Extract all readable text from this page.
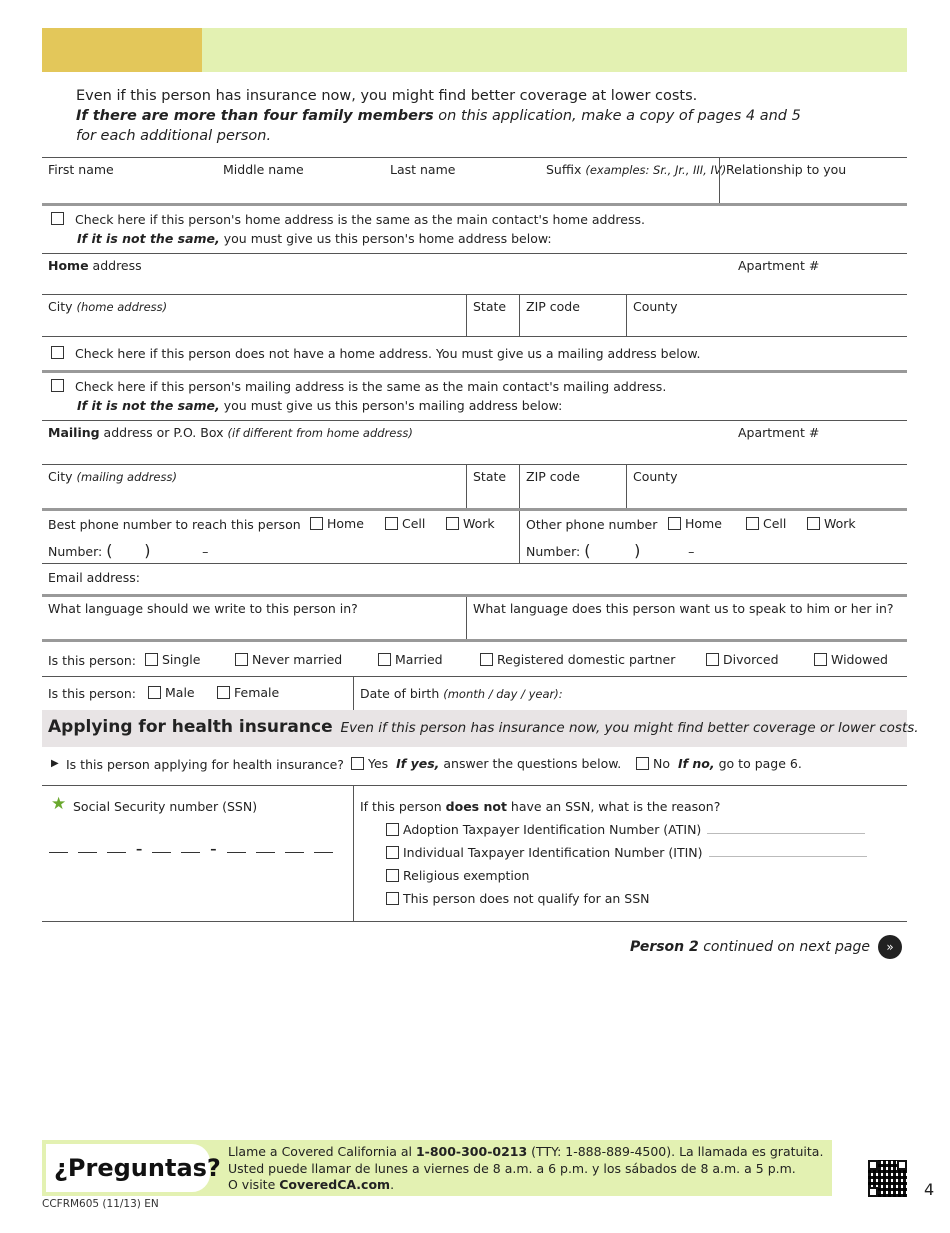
Even if this person has insurance now, you might find better coverage at lower costs.
If there are more than four family members on this application, make a copy of pages 4 and 5
for each additional person.
First name	Middle name	Last name	Suffix (examples: Sr., Jr., III, IV) Relationship to you
Check here if this person's home address is the same as the main contact's home address.
If it is not the same, you must give us this person's home address below:
Home address	Apartment #
City (home address)	State	ZIP code	County
Check here if this person does not have a home address. You must give us a mailing address below.
Check here if this person's mailing address is the same as the main contact's mailing address.
If it is not the same, you must give us this person's mailing address below:
Mailing address or P.O. Box (if different from home address)	Apartment #
City (mailing address)	State	ZIP code	County
Best phone number to reach this person	Home	Cell	Work
Number: ( )	–
Other phone number	Home	Cell	Work
Number: (	)	–
Email address:
What language should we write to this person in?	What language does this person want us to speak to him or her in?
Is this person:	Single	Never married	Married	Registered domestic partner	Divorced	Widowed
Is this person:	Male	Female	Date of birth (month / day / year):
Applying for health insurance Even if this person has insurance now, you might find better coverage or lower costs.
▶ Is this person applying for health insurance?	Yes If yes, answer the questions below.	No If no, go to page 6.
★ Social Security number (SSN)
–	–
If this person does not have an SSN, what is the reason?
Adoption Taxpayer Identification Number (ATIN)
Individual Taxpayer Identification Number (ITIN)
Religious exemption
This person does not qualify for an SSN
Person 2 continued on next page »
¿Preguntas?
Llame a Covered California al 1-800-300-0213 (TTY: 1-888-889-4500). La llamada es gratuita.
Usted puede llamar de lunes a viernes de 8 a.m. a 6 p.m. y los sábados de 8 a.m. a 5 p.m.
O visite CoveredCA.com.	4
CCFRM605 (11/13) EN
